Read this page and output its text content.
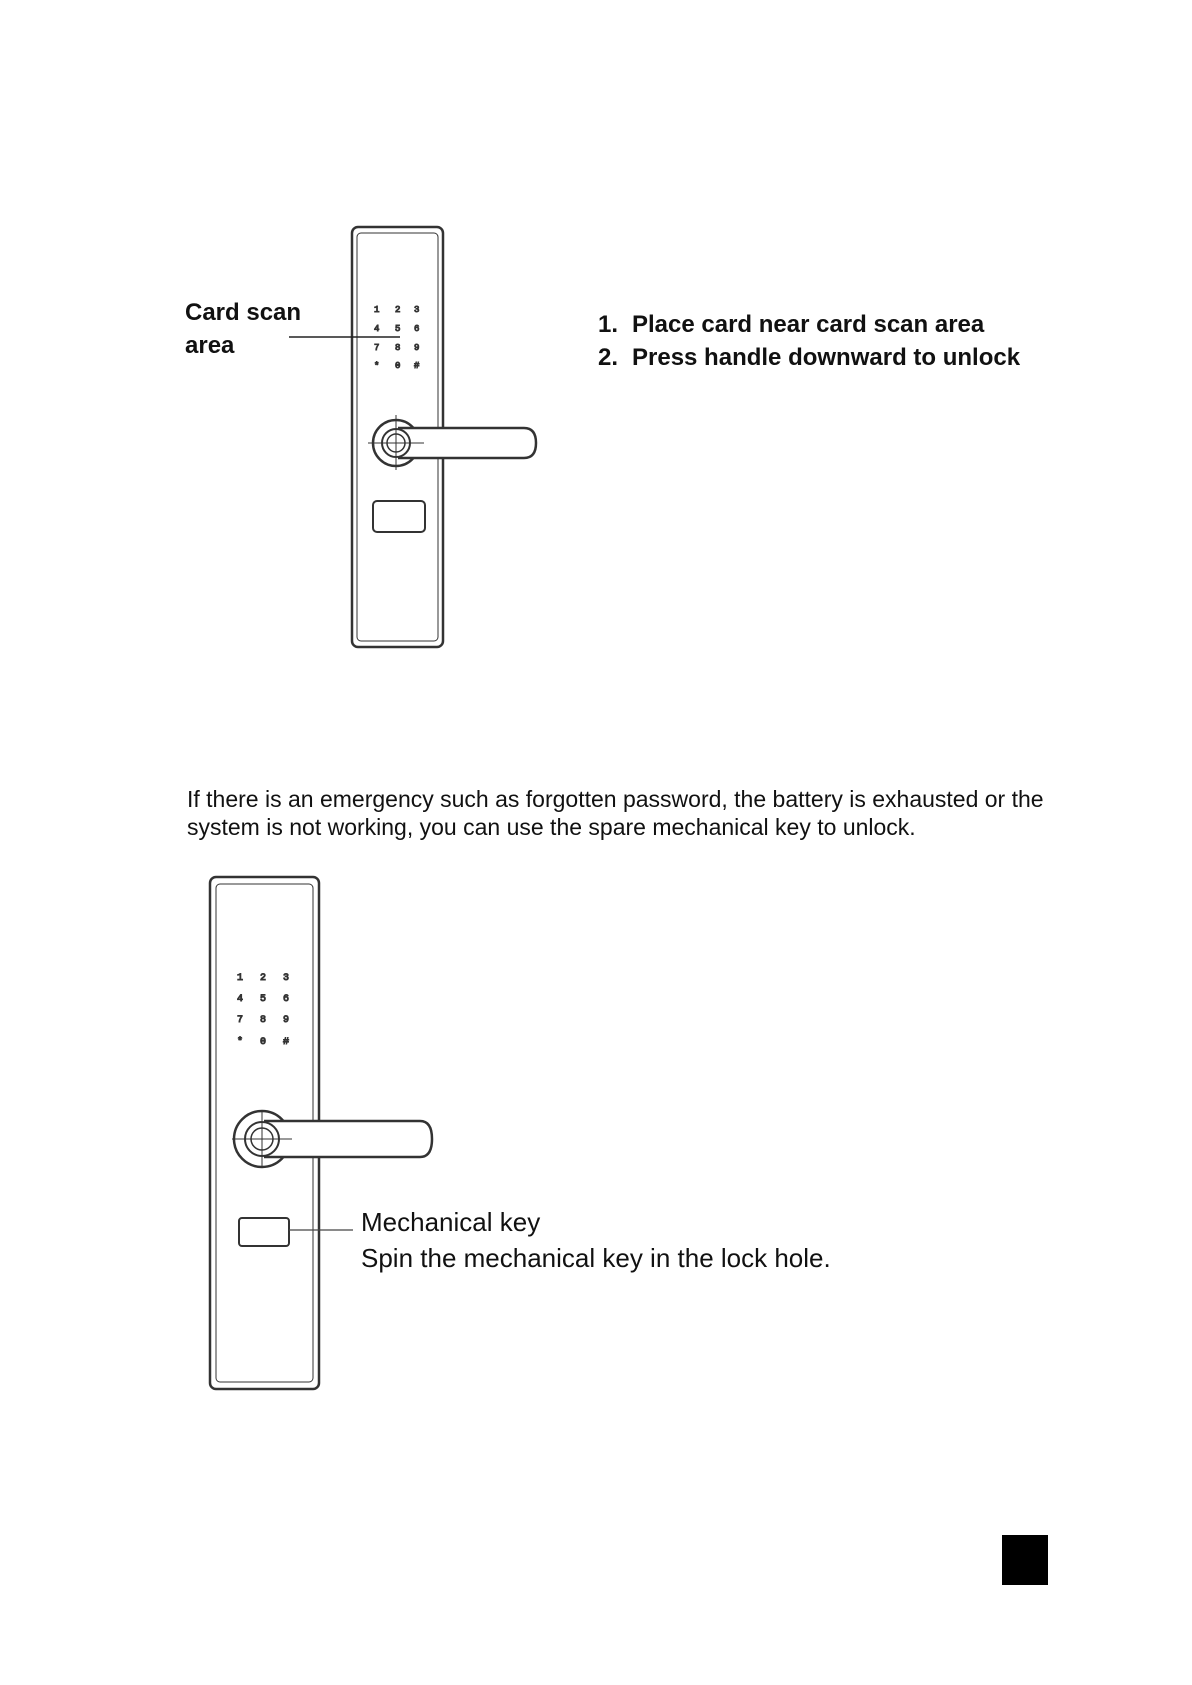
Card scan area
1. Place card near card scan area
2. Press handle downward to unlock
1 2 3
4 5 6
7 8 9
* 0 #
1 2 3
4 5 6
7 8 9
* 0 #
If there is an emergency such as forgotten password, the battery is exhausted or the system is not working, you can use the spare mechanical key to unlock.
Mechanical key
Spin the mechanical key in the lock hole.
